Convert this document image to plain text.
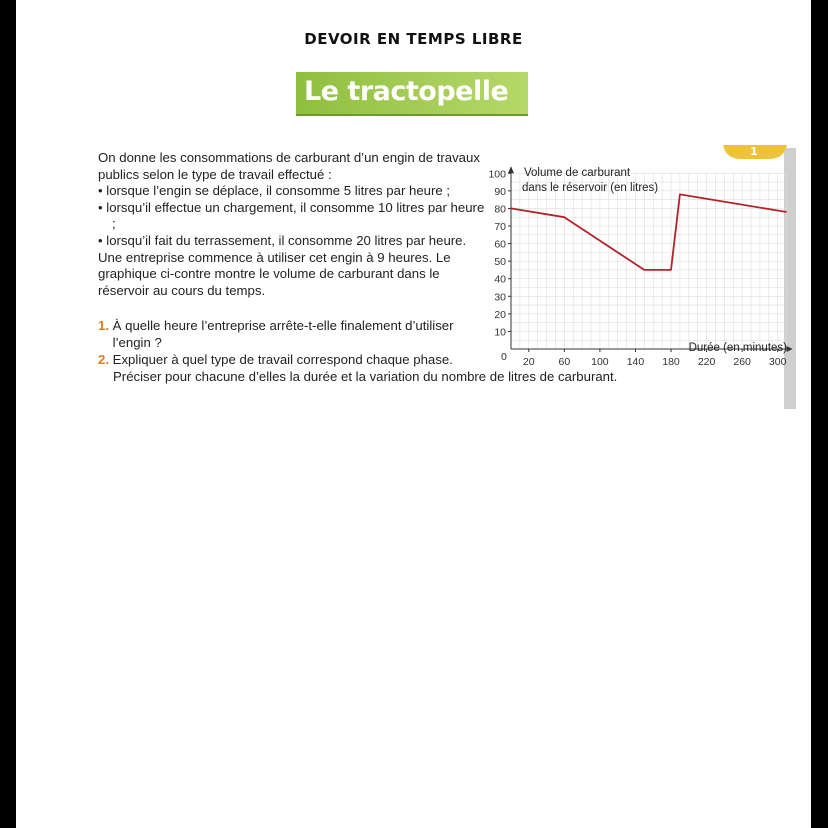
DEVOIR EN TEMPS LIBRE
Le tractopelle

On donne les consommations de carburant d’un engin de travaux publics selon le type de travail effectué :

• lorsque l’engin se déplace, il consomme 5 litres par heure ;

• lorsqu’il effectue un chargement, il consomme 10 litres par heure ;

• lorsqu’il fait du terrassement, il consomme 20 litres par heure.

Une entreprise commence à utiliser cet engin à 9 heures. Le graphique ci-contre montre le volume de carburant dans le réservoir au cours du temps.

1. À quelle heure l’entreprise arrête-t-elle finalement d’utiliser l’engin ?
2. Expliquer à quel type de travail correspond chaque phase.
Préciser pour chacune d’elles la durée et la variation du nombre de litres de carburant.
10
20
30
40
50
60
70
80
90
100
20 60 100 140 180 220 260 300
1
Volume de carburant
dans le réservoir (en litres)
Durée (en minutes)
0
